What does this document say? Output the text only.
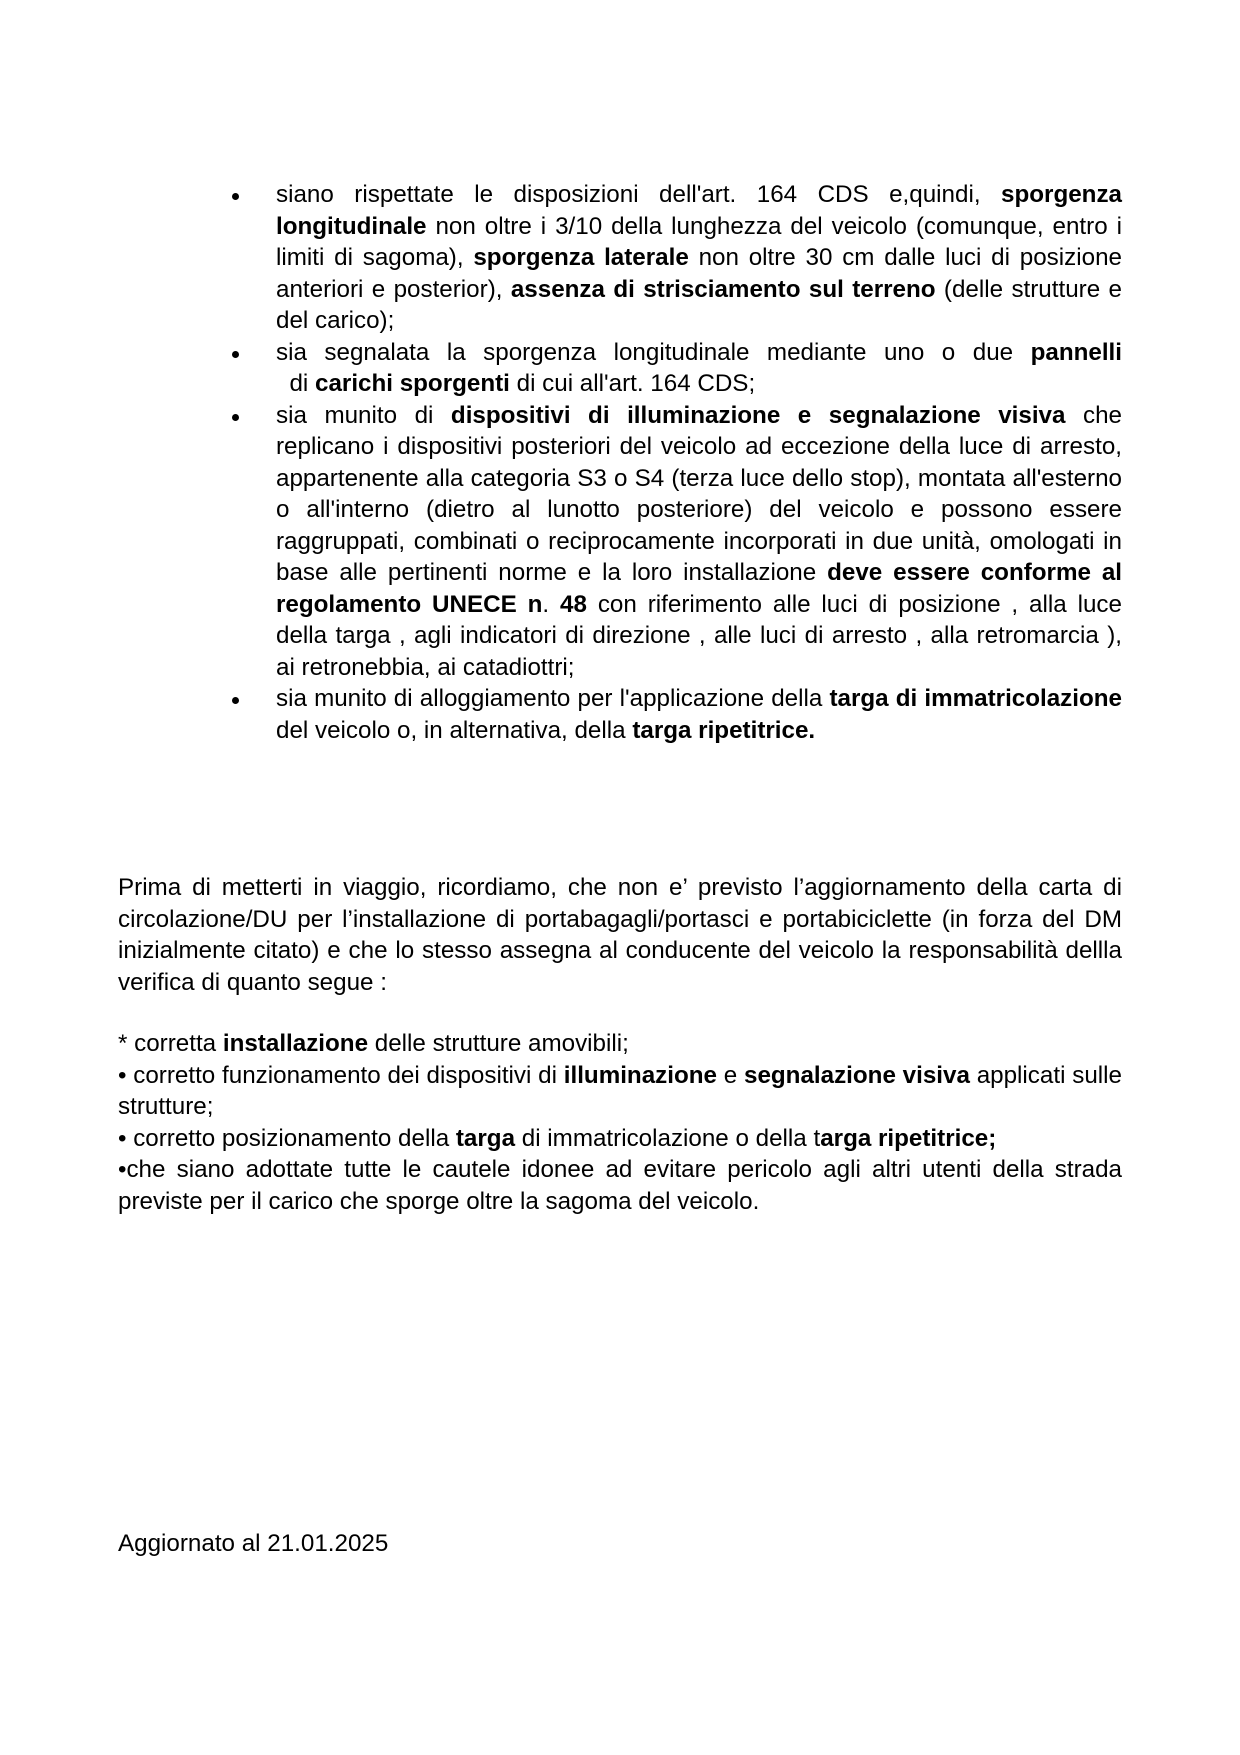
siano rispettate le disposizioni dell'art. 164 CDS e,quindi, sporgenza longitudinale non oltre i 3/10 della lunghezza del veicolo (comunque, entro i limiti di sagoma), sporgenza laterale non oltre 30 cm dalle luci di posizione anteriori e posterior), assenza di strisciamento sul terreno (delle strutture e del carico);
sia segnalata la sporgenza longitudinale mediante uno o due pannelli  di carichi sporgenti di cui all'art. 164 CDS;
sia munito di dispositivi di illuminazione e segnalazione visiva che replicano i dispositivi posteriori del veicolo ad eccezione della luce di arresto, appartenente alla categoria S3 o S4 (terza luce dello stop), montata all'esterno o all'interno (dietro al lunotto posteriore) del veicolo e possono essere raggruppati, combinati o reciprocamente incorporati in due unità, omologati in base alle pertinenti norme e la loro installazione deve essere conforme al regolamento UNECE n. 48 con riferimento alle luci di posizione , alla luce della targa , agli indicatori di direzione , alle luci di arresto , alla retromarcia ), ai retronebbia, ai catadiottri;
sia munito di alloggiamento per l'applicazione della targa di immatricolazione del veicolo o, in alternativa, della targa ripetitrice.

Prima di metterti in viaggio, ricordiamo, che non e’ previsto l’aggiornamento della carta di circolazione/DU per l’installazione di portabagagli/portasci e portabiciclette (in forza del DM inizialmente citato) e che lo stesso assegna al conducente del veicolo la responsabilità dellla verifica di quanto segue :

* corretta installazione delle strutture amovibili;
• corretto funzionamento dei dispositivi di illuminazione e segnalazione visiva applicati sulle strutture;
• corretto posizionamento della targa di immatricolazione o della targa ripetitrice;
•che siano adottate tutte le cautele idonee ad evitare pericolo agli altri utenti della strada previste per il carico che sporge oltre la sagoma del veicolo.
Aggiornato al 21.01.2025
